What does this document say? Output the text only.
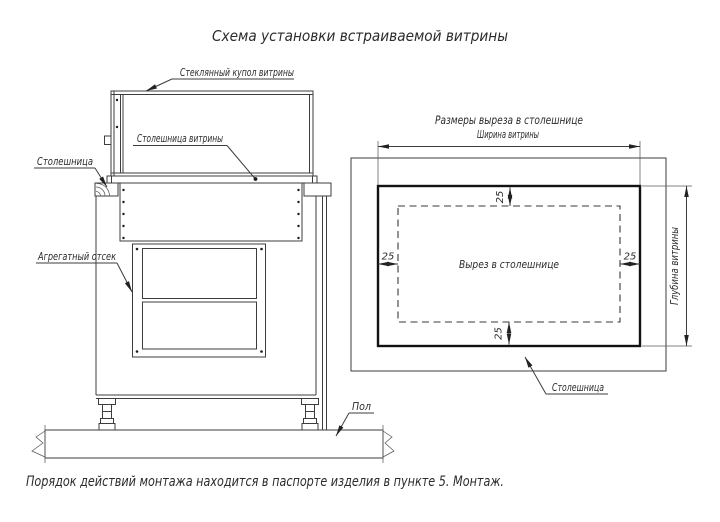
Схема установки встраиваемой витрины
Стеклянный купол витрины
Столешница витрины
Столешница
Агрегатный отсек
Пол
Размеры выреза в столешнице
Вырез в столешнице
Ширина витрины
Глубина витрины
25	25
25
25
Столешница
Порядок действий монтажа находится в паспорте изделия в пункте 5. Монтаж.
